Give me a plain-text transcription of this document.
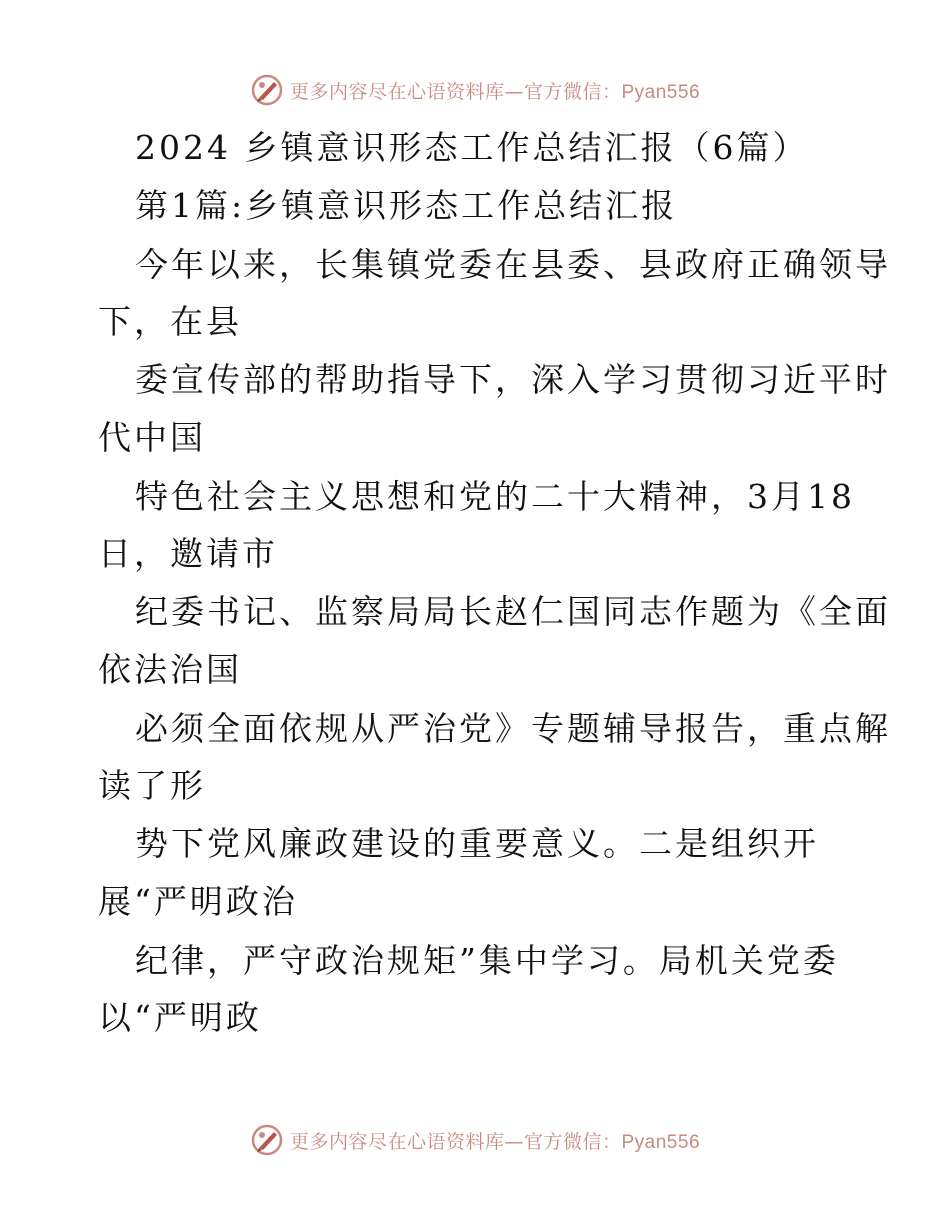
更多内容尽在心语资料库—官方微信：Pyan556
2024 乡镇意识形态工作总结汇报（6篇）
第1篇:乡镇意识形态工作总结汇报
今年以来，长集镇党委在县委、县政府正确领导
下，在县
委宣传部的帮助指导下，深入学习贯彻习近平时
代中国
特色社会主义思想和党的二十大精神，3月18
日，邀请市
纪委书记、监察局局长赵仁国同志作题为《全面
依法治国
必须全面依规从严治党》专题辅导报告，重点解
读了形
势下党风廉政建设的重要意义。二是组织开
展“严明政治
纪律，严守政治规矩”集中学习。局机关党委
以“严明政
更多内容尽在心语资料库—官方微信：Pyan556
